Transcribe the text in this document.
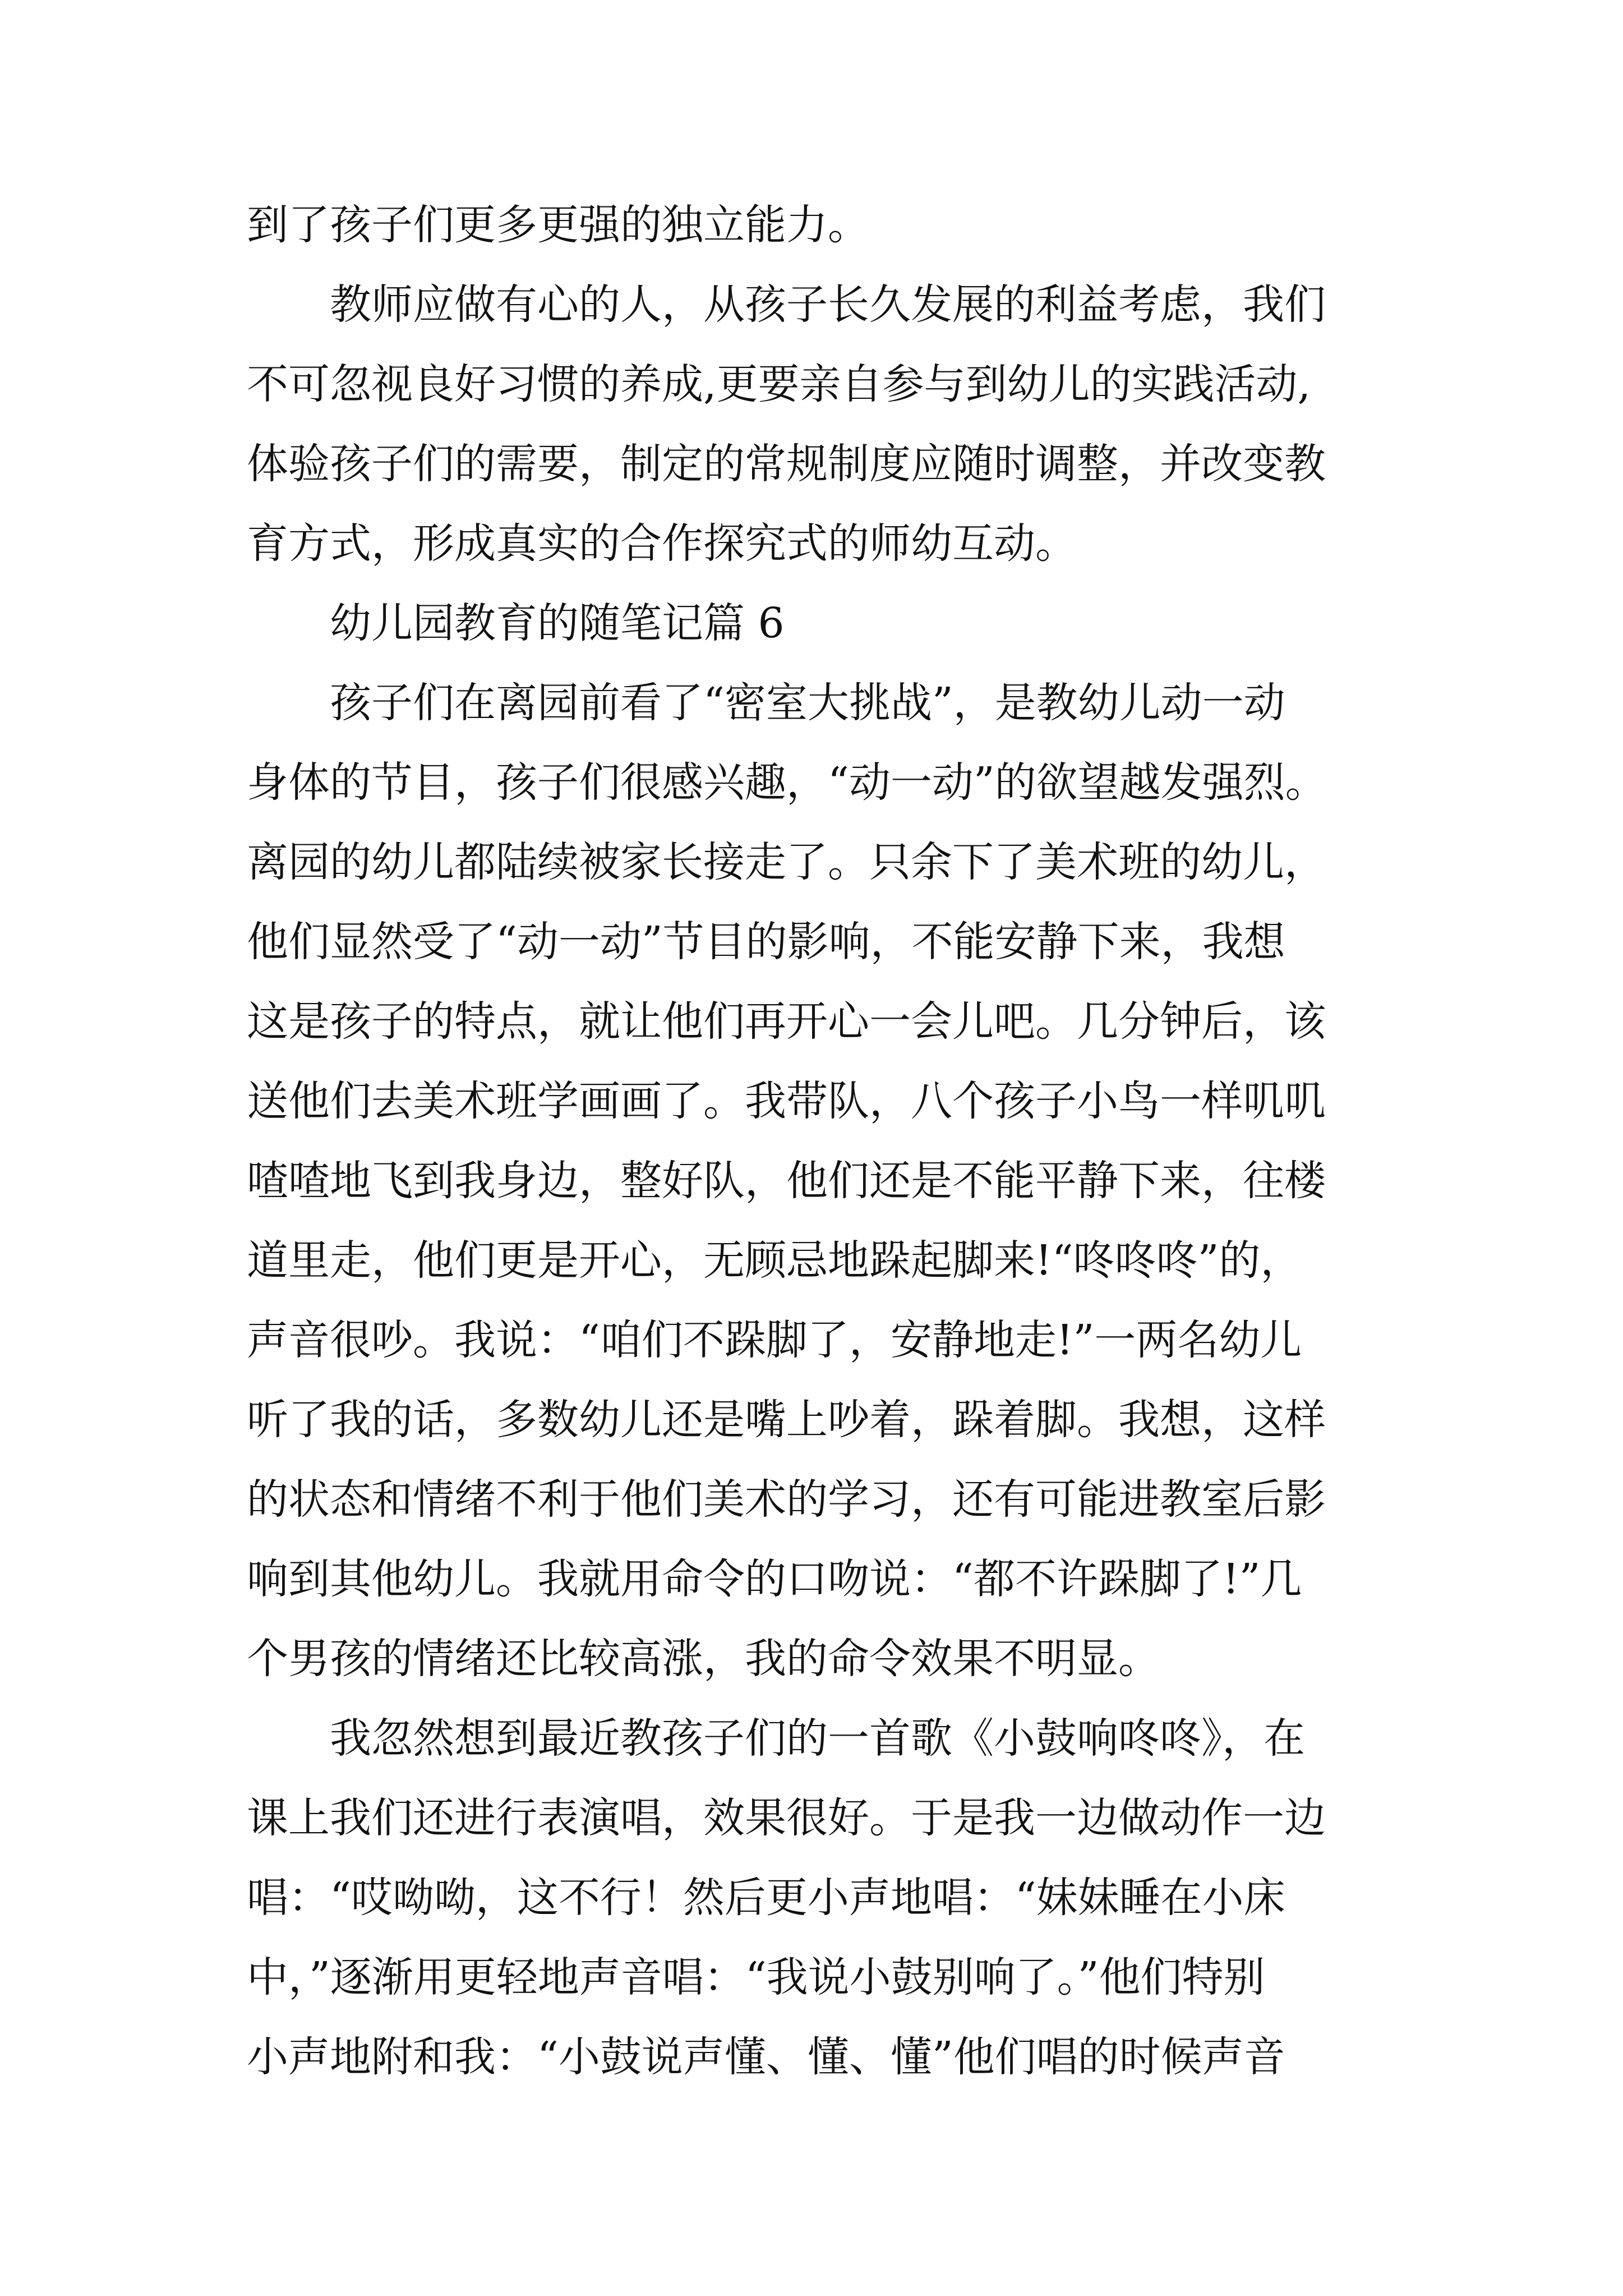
到了孩子们更多更强的独立能力。
教师应做有心的人，从孩子长久发展的利益考虑，我们
不可忽视良好习惯的养成,更要亲自参与到幼儿的实践活动,
体验孩子们的需要，制定的常规制度应随时调整，并改变教
育方式，形成真实的合作探究式的师幼互动。
幼儿园教育的随笔记篇 6
孩子们在离园前看了“密室大挑战”，是教幼儿动一动
身体的节目，孩子们很感兴趣，“动一动”的欲望越发强烈。
离园的幼儿都陆续被家长接走了。只余下了美术班的幼儿，
他们显然受了“动一动”节目的影响，不能安静下来，我想
这是孩子的特点，就让他们再开心一会儿吧。几分钟后，该
送他们去美术班学画画了。我带队，八个孩子小鸟一样叽叽
喳喳地飞到我身边，整好队，他们还是不能平静下来，往楼
道里走，他们更是开心，无顾忌地跺起脚来!“咚咚咚”的，
声音很吵。我说：“咱们不跺脚了，安静地走!”一两名幼儿
听了我的话，多数幼儿还是嘴上吵着，跺着脚。我想，这样
的状态和情绪不利于他们美术的学习，还有可能进教室后影
响到其他幼儿。我就用命令的口吻说：“都不许跺脚了!”几
个男孩的情绪还比较高涨，我的命令效果不明显。
我忽然想到最近教孩子们的一首歌《小鼓响咚咚》，在
课上我们还进行表演唱，效果很好。于是我一边做动作一边
唱：“哎呦呦，这不行！然后更小声地唱：“妹妹睡在小床
中，”逐渐用更轻地声音唱：“我说小鼓别响了。”他们特别
小声地附和我：“小鼓说声懂、懂、懂”他们唱的时候声音
